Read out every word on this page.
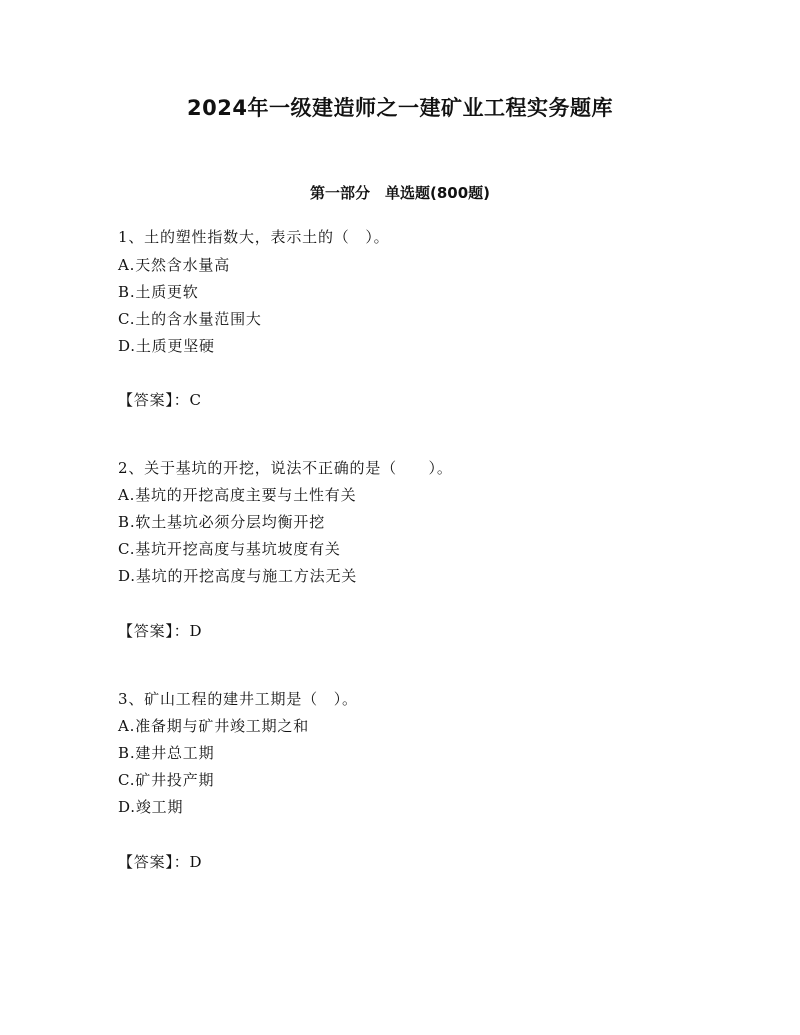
2024年一级建造师之一建矿业工程实务题库
第一部分　单选题(800题)
1、土的塑性指数大，表示土的（　）。
A.天然含水量高
B.土质更软
C.土的含水量范围大
D.土质更坚硬
【答案】：C
2、关于基坑的开挖，说法不正确的是（　　）。
A.基坑的开挖高度主要与土性有关
B.软土基坑必须分层均衡开挖
C.基坑开挖高度与基坑坡度有关
D.基坑的开挖高度与施工方法无关
【答案】：D
3、矿山工程的建井工期是（　）。
A.准备期与矿井竣工期之和
B.建井总工期
C.矿井投产期
D.竣工期
【答案】：D
